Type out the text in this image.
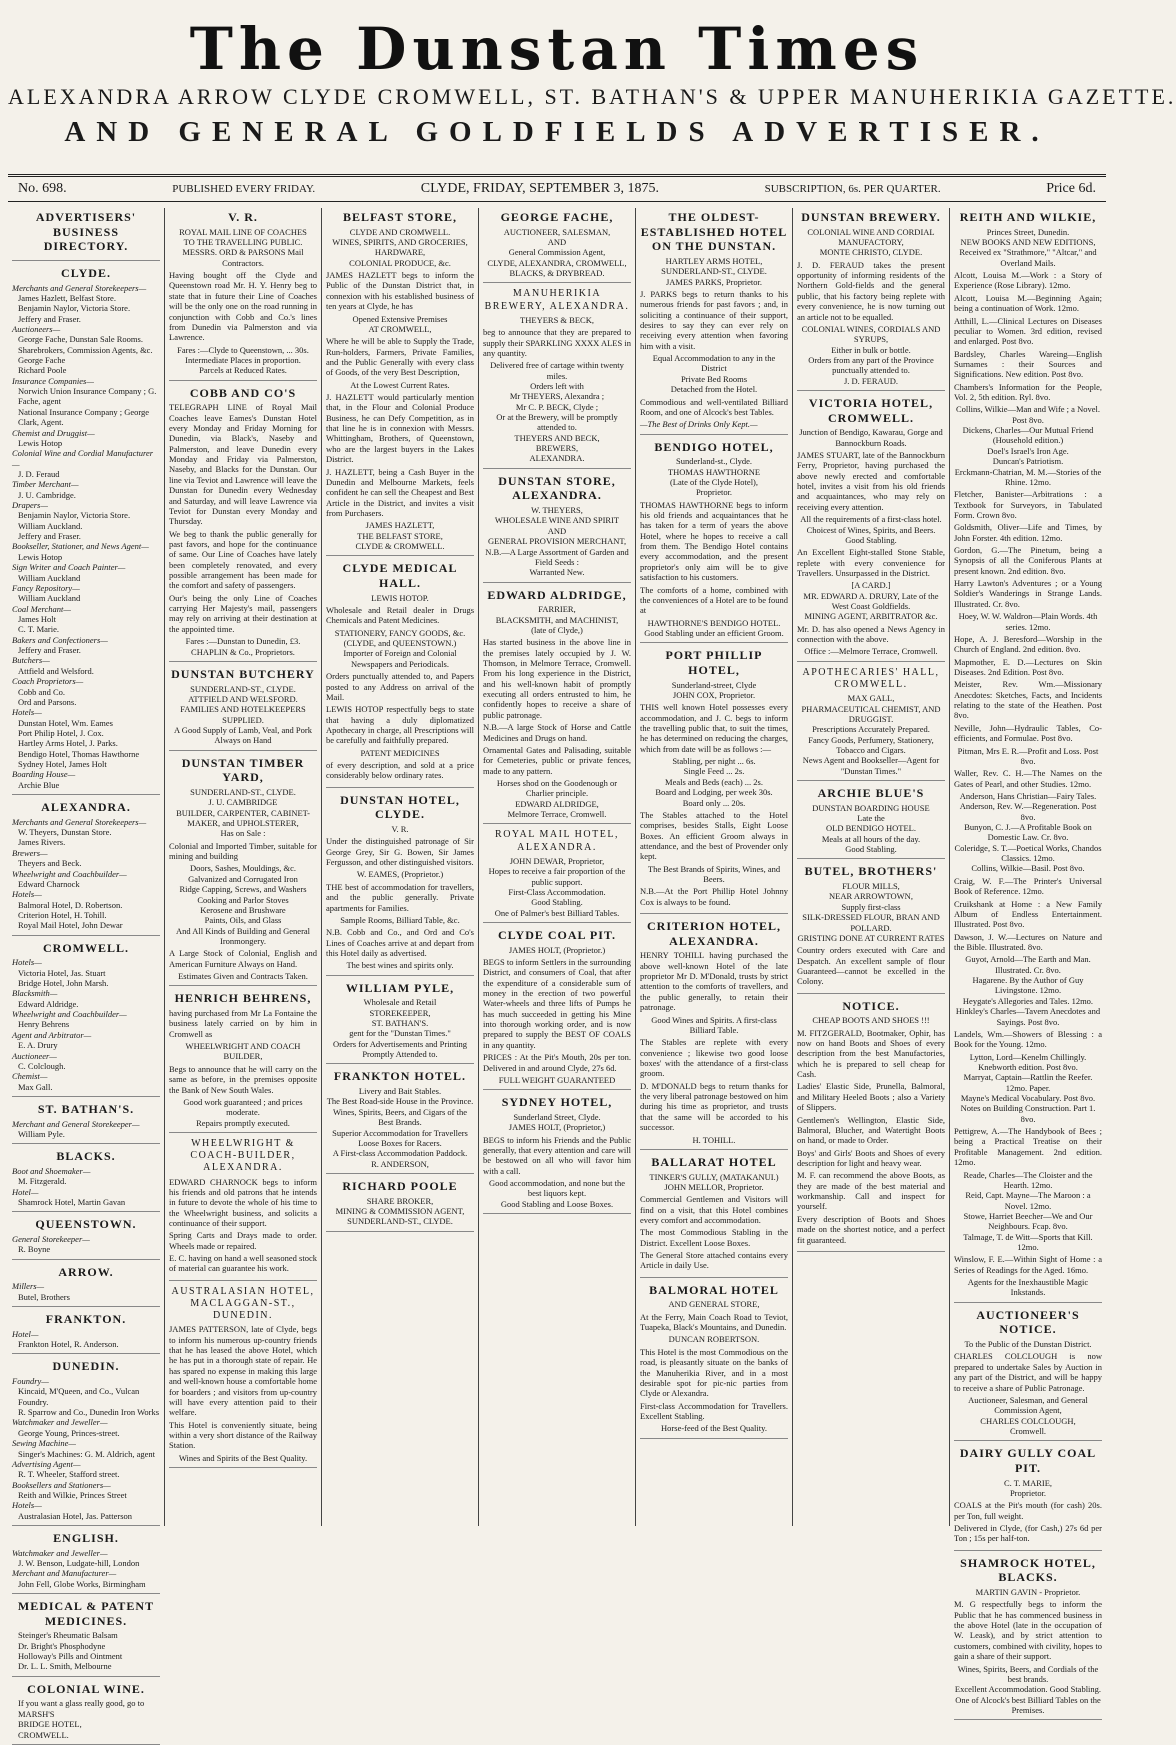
The Dunstan Times
ALEXANDRA ARROW CLYDE CROMWELL, ST. BATHAN'S & UPPER MANUHERIKIA GAZETTE.
AND GENERAL GOLDFIELDS ADVERTISER.
No. 698.	PUBLISHED EVERY FRIDAY.	CLYDE, FRIDAY, SEPTEMBER 3, 1875.	SUBSCRIPTION, 6s. PER QUARTER.	Price 6d.
ADVERTISERS' BUSINESS DIRECTORY.
CLYDE.
Merchants and General Storekeepers—
James Hazlett, Belfast Store.
Benjamin Naylor, Victoria Store.
Jeffery and Fraser.
Auctioneers—
George Fache, Dunstan Sale Rooms.
Sharebrokers, Commission Agents, &c.
George Fache
Richard Poole
Insurance Companies—
Norwich Union Insurance Company ; G. Fache, agent
National Insurance Company ; George Clark, Agent.
Chemist and Druggist—
Lewis Hotop
Colonial Wine and Cordial Manufacturer—
J. D. Feraud
Timber Merchant—
J. U. Cambridge.
Drapers—
Benjamin Naylor, Victoria Store.
William Auckland.
Jeffery and Fraser.
Bookseller, Stationer, and News Agent—
Lewis Hotop
Sign Writer and Coach Painter—
William Auckland
Fancy Repository—
William Auckland
Coal Merchant—
James Holt
C. T. Marie.
Bakers and Confectioners—
Jeffery and Fraser.
Butchers—
Attfield and Welsford.
Coach Proprietors—
Cobb and Co.
Ord and Parsons.
Hotels—
Dunstan Hotel, Wm. Eames
Port Philip Hotel, J. Cox.
Hartley Arms Hotel, J. Parks.
Bendigo Hotel, Thomas Hawthorne
Sydney Hotel, James Holt
Boarding House—
Archie Blue
ALEXANDRA.
Merchants and General Storekeepers—
W. Theyers, Dunstan Store.
James Rivers.
Brewers—
Theyers and Beck.
Wheelwright and Coachbuilder—
Edward Charnock
Hotels—
Balmoral Hotel, D. Robertson.
Criterion Hotel, H. Tohill.
Royal Mail Hotel, John Dewar
CROMWELL.
Hotels—
Victoria Hotel, Jas. Stuart
Bridge Hotel, John Marsh.
Blacksmith—
Edward Aldridge.
Wheelwright and Coachbuilder—
Henry Behrens
Agent and Arbitrator—
E. A. Drury
Auctioneer—
C. Colclough.
Chemist—
Max Gall.
ST. BATHAN'S.
Merchant and General Storekeeper—
William Pyle.
BLACKS.
Boot and Shoemaker—
M. Fitzgerald.
Hotel—
Shamrock Hotel, Martin Gavan
QUEENSTOWN.
General Storekeeper—
R. Boyne
ARROW.
Millers—
Butel, Brothers
FRANKTON.
Hotel—
Frankton Hotel, R. Anderson.
DUNEDIN.
Foundry—
Kincaid, M'Queen, and Co., Vulcan Foundry.
R. Sparrow and Co., Dunedin Iron Works
Watchmaker and Jeweller—
George Young, Princes-street.
Sewing Machine—
Singer's Machines: G. M. Aldrich, agent
Advertising Agent—
R. T. Wheeler, Stafford street.
Booksellers and Stationers—
Reith and Wilkie, Princes Street
Hotels—
Australasian Hotel, Jas. Patterson
ENGLISH.
Watchmaker and Jeweller—
J. W. Benson, Ludgate-hill, London
Merchant and Manufacturer—
John Fell, Globe Works, Birmingham
MEDICAL & PATENT MEDICINES.
Steinger's Rheumatic Balsam
Dr. Bright's Phosphodyne
Holloway's Pills and Ointment
Dr. L. L. Smith, Melbourne
COLONIAL WINE.
If you want a glass really good, go to MARSH'S
BRIDGE HOTEL,
CROMWELL.
V. R.
ROYAL MAIL LINE OF COACHES
TO THE TRAVELLING PUBLIC.
MESSRS. ORD & PARSONS Mail Contractors.
Having bought off the Clyde and Queenstown road Mr. H. Y. Henry beg to state that in future their Line of Coaches will be the only one on the road running in conjunction with Cobb and Co.'s lines from Dunedin via Palmerston and via Lawrence.
Fares :—Clyde to Queenstown, ... 30s.
Intermediate Places in proportion.
Parcels at Reduced Rates.
COBB AND CO'S
TELEGRAPH LINE of Royal Mail Coaches leave Eames's Dunstan Hotel every Monday and Friday Morning for Dunedin, via Black's, Naseby and Palmerston, and leave Dunedin every Monday and Friday via Palmerston, Naseby, and Blacks for the Dunstan. Our line via Teviot and Lawrence will leave the Dunstan for Dunedin every Wednesday and Saturday, and will leave Lawrence via Teviot for Dunstan every Monday and Thursday.
We beg to thank the public generally for past favors, and hope for the continuance of same. Our Line of Coaches have lately been completely renovated, and every possible arrangement has been made for the comfort and safety of passengers.
Our's being the only Line of Coaches carrying Her Majesty's mail, passengers may rely on arriving at their destination at the appointed time.
Fares :—Dunstan to Dunedin, £3.
CHAPLIN & Co., Proprietors.
DUNSTAN BUTCHERY
SUNDERLAND-ST., CLYDE.
ATTFIELD AND WELSFORD.
FAMILIES AND HOTELKEEPERS SUPPLIED.
A Good Supply of Lamb, Veal, and Pork Always on Hand
DUNSTAN TIMBER YARD,
SUNDERLAND-ST., CLYDE.
J. U. CAMBRIDGE
BUILDER, CARPENTER, CABINET-MAKER, and UPHOLSTERER,
Has on Sale :
Colonial and Imported Timber, suitable for mining and building
Doors, Sashes, Mouldings, &c.
Galvanized and Corrugated Iron
Ridge Capping, Screws, and Washers
Cooking and Parlor Stoves
Kerosene and Brushware
Paints, Oils, and Glass
And All Kinds of Building and General Ironmongery.
A Large Stock of Colonial, English and American Furniture Always on Hand.
Estimates Given and Contracts Taken.
HENRICH BEHRENS,
having purchased from Mr La Fontaine the business lately carried on by him in Cromwell as
WHEELWRIGHT AND COACH BUILDER,
Begs to announce that he will carry on the same as before, in the premises opposite the Bank of New South Wales.
Good work guaranteed ; and prices moderate.
Repairs promptly executed.
WHEELWRIGHT & COACH-BUILDER, ALEXANDRA.
EDWARD CHARNOCK begs to inform his friends and old patrons that he intends in future to devote the whole of his time to the Wheelwright business, and solicits a continuance of their support.
Spring Carts and Drays made to order. Wheels made or repaired.
E. C. having on hand a well seasoned stock of material can guarantee his work.
AUSTRALASIAN HOTEL, MACLAGGAN-ST., DUNEDIN.
JAMES PATTERSON, late of Clyde, begs to inform his numerous up-country friends that he has leased the above Hotel, which he has put in a thorough state of repair. He has spared no expense in making this large and well-known house a comfortable home for boarders ; and visitors from up-country will have every attention paid to their welfare.
This Hotel is conveniently situate, being within a very short distance of the Railway Station.
Wines and Spirits of the Best Quality.
BELFAST STORE,
CLYDE AND CROMWELL.
WINES, SPIRITS, AND GROCERIES,
HARDWARE,
COLONIAL PRODUCE, &c.
JAMES HAZLETT begs to inform the Public of the Dunstan District that, in connexion with his established business of ten years at Clyde, he has
Opened Extensive Premises
AT CROMWELL,
Where he will be able to Supply the Trade, Run-holders, Farmers, Private Families, and the Public Generally with every class of Goods, of the very Best Description,
At the Lowest Current Rates.
J. HAZLETT would particularly mention that, in the Flour and Colonial Produce Business, he can Defy Competition, as in that line he is in connexion with Messrs. Whittingham, Brothers, of Queenstown, who are the largest buyers in the Lakes District.
J. HAZLETT, being a Cash Buyer in the Dunedin and Melbourne Markets, feels confident he can sell the Cheapest and Best Article in the District, and invites a visit from Purchasers.
JAMES HAZLETT,
THE BELFAST STORE,
CLYDE & CROMWELL.
CLYDE MEDICAL HALL.
LEWIS HOTOP.
Wholesale and Retail dealer in Drugs Chemicals and Patent Medicines.
STATIONERY, FANCY GOODS, &c.
(CLYDE, and QUEENSTOWN.)
Importer of Foreign and Colonial Newspapers and Periodicals.
Orders punctually attended to, and Papers posted to any Address on arrival of the Mail.
LEWIS HOTOP respectfully begs to state that having a duly diplomatized Apothecary in charge, all Prescriptions will be carefully and faithfully prepared.
PATENT MEDICINES
of every description, and sold at a price considerably below ordinary rates.
DUNSTAN HOTEL, CLYDE.
V. R.
Under the distinguished patronage of Sir George Grey, Sir G. Bowen, Sir James Fergusson, and other distinguished visitors.
W. EAMES, (Proprietor.)
THE best of accommodation for travellers, and the public generally. Private apartments for Families.
Sample Rooms, Billiard Table, &c.
N.B. Cobb and Co., and Ord and Co's Lines of Coaches arrive at and depart from this Hotel daily as advertised.
The best wines and spirits only.
WILLIAM PYLE,
Wholesale and Retail
STOREKEEPER,
ST. BATHAN'S.
gent for the "Dunstan Times."
Orders for Advertisements and Printing Promptly Attended to.
FRANKTON HOTEL.
Livery and Bait Stables.
The Best Road-side House in the Province.
Wines, Spirits, Beers, and Cigars of the Best Brands.
Superior Accommodation for Travellers
Loose Boxes for Racers.
A First-class Accommodation Paddock.
R. ANDERSON,
RICHARD POOLE
SHARE BROKER,
MINING & COMMISSION AGENT,
SUNDERLAND-ST., CLYDE.
GEORGE FACHE,
AUCTIONEER, SALESMAN,
AND
General Commission Agent,
CLYDE, ALEXANDRA, CROMWELL,
BLACKS, & DRYBREAD.
MANUHERIKIA BREWERY, ALEXANDRA.
THEYERS & BECK,
beg to announce that they are prepared to supply their SPARKLING XXXX ALES in any quantity.
Delivered free of cartage within twenty miles.
Orders left with
Mr THEYERS, Alexandra ;
Mr C. P. BECK, Clyde ;
Or at the Brewery, will be promptly attended to.
THEYERS AND BECK,
BREWERS,
ALEXANDRA.
DUNSTAN STORE, ALEXANDRA.
W. THEYERS,
WHOLESALE WINE AND SPIRIT
AND
GENERAL PROVISION MERCHANT,
N.B.—A Large Assortment of Garden and Field Seeds :
Warranted New.
EDWARD ALDRIDGE,
FARRIER,
BLACKSMITH, and MACHINIST,
(late of Clyde,)
Has started business in the above line in the premises lately occupied by J. W. Thomson, in Melmore Terrace, Cromwell. From his long experience in the District, and his well-known habit of promptly executing all orders entrusted to him, he confidently hopes to receive a share of public patronage.
N.B.—A large Stock of Horse and Cattle Medicines and Drugs on hand.
Ornamental Gates and Palisading, suitable for Cemeteries, public or private fences, made to any pattern.
Horses shod on the Goodenough or Charlier principle.
EDWARD ALDRIDGE,
Melmore Terrace, Cromwell.
ROYAL MAIL HOTEL, ALEXANDRA.
JOHN DEWAR, Proprietor,
Hopes to receive a fair proportion of the public support.
First-Class Accommodation.
Good Stabling.
One of Palmer's best Billiard Tables.
CLYDE COAL PIT.
JAMES HOLT, (Proprietor.)
BEGS to inform Settlers in the surrounding District, and consumers of Coal, that after the expenditure of a considerable sum of money in the erection of two powerful Water-wheels and three lifts of Pumps he has much succeeded in getting his Mine into thorough working order, and is now prepared to supply the BEST OF COALS in any quantity.
PRICES : At the Pit's Mouth, 20s per ton. Delivered in and around Clyde, 27s 6d.
FULL WEIGHT GUARANTEED
SYDNEY HOTEL,
Sunderland Street, Clyde.
JAMES HOLT, (Proprietor,)
BEGS to inform his Friends and the Public generally, that every attention and care will be bestowed on all who will favor him with a call.
Good accommodation, and none but the best liquors kept.
Good Stabling and Loose Boxes.
THE OLDEST-ESTABLISHED HOTEL ON THE DUNSTAN.
HARTLEY ARMS HOTEL, SUNDERLAND-ST., CLYDE.
JAMES PARKS, Proprietor.
J. PARKS begs to return thanks to his numerous friends for past favors ; and, in soliciting a continuance of their support, desires to say they can ever rely on receiving every attention when favoring him with a visit.
Equal Accommodation to any in the District
Private Bed Rooms
Detached from the Hotel.
Commodious and well-ventilated Billiard Room, and one of Alcock's best Tables.
—The Best of Drinks Only Kept.—
BENDIGO HOTEL,
Sunderland-st., Clyde.
THOMAS HAWTHORNE
(Late of the Clyde Hotel),
Proprietor.
THOMAS HAWTHORNE begs to inform his old friends and acquaintances that he has taken for a term of years the above Hotel, where he hopes to receive a call from them. The Bendigo Hotel contains every accommodation, and the present proprietor's only aim will be to give satisfaction to his customers.
The comforts of a home, combined with the conveniences of a Hotel are to be found at
HAWTHORNE'S BENDIGO HOTEL.
Good Stabling under an efficient Groom.
PORT PHILLIP HOTEL,
Sunderland-street, Clyde
JOHN COX, Proprietor.
THIS well known Hotel possesses every accommodation, and J. C. begs to inform the travelling public that, to suit the times, he has determined on reducing the charges, which from date will be as follows :—
Stabling, per night ... 6s.
Single Feed ... 2s.
Meals and Beds (each) ... 2s.
Board and Lodging, per week 30s.
Board only ... 20s.
The Stables attached to the Hotel comprises, besides Stalls, Eight Loose Boxes. An efficient Groom always in attendance, and the best of Provender only kept.
The Best Brands of Spirits, Wines, and Beers.
N.B.—At the Port Phillip Hotel Johnny Cox is always to be found.
CRITERION HOTEL, ALEXANDRA.
HENRY TOHILL having purchased the above well-known Hotel of the late proprietor Mr D. M'Donald, trusts by strict attention to the comforts of travellers, and the public generally, to retain their patronage.
Good Wines and Spirits. A first-class Billiard Table.
The Stables are replete with every convenience ; likewise two good loose boxes' with the attendance of a first-class groom.
D. M'DONALD begs to return thanks for the very liberal patronage bestowed on him during his time as proprietor, and trusts that the same will be accorded to his successor.
H. TOHILL.
BALLARAT HOTEL
TINKER'S GULLY, (MATAKANUI.)
JOHN MELLOR, Proprietor.
Commercial Gentlemen and Visitors will find on a visit, that this Hotel combines every comfort and accommodation.
The most Commodious Stabling in the District. Excellent Loose Boxes.
The General Store attached contains every Article in daily Use.
BALMORAL HOTEL
AND GENERAL STORE,
At the Ferry, Main Coach Road to Teviot, Tuapeka, Black's Mountains, and Dunedin.
DUNCAN ROBERTSON.
This Hotel is the most Commodious on the road, is pleasantly situate on the banks of the Manuherikia River, and in a most desirable spot for pic-nic parties from Clyde or Alexandra.
First-class Accommodation for Travellers. Excellent Stabling.
Horse-feed of the Best Quality.
DUNSTAN BREWERY.
COLONIAL WINE AND CORDIAL MANUFACTORY,
MONTE CHRISTO, CLYDE.
J. D. FERAUD takes the present opportunity of informing residents of the Northern Gold-fields and the general public, that his factory being replete with every convenience, he is now turning out an article not to be equalled.
COLONIAL WINES, CORDIALS AND SYRUPS,
Either in bulk or bottle.
Orders from any part of the Province punctually attended to.
J. D. FERAUD.
VICTORIA HOTEL, CROMWELL.
Junction of Bendigo, Kawarau, Gorge and Bannockburn Roads.
JAMES STUART, late of the Bannockburn Ferry, Proprietor, having purchased the above newly erected and comfortable hotel, invites a visit from his old friends and acquaintances, who may rely on receiving every attention.
All the requirements of a first-class hotel.
Choicest of Wines, Spirits, and Beers. Good Stabling.
An Excellent Eight-stalled Stone Stable, replete with every convenience for Travellers. Unsurpassed in the District.
[A CARD.]
MR. EDWARD A. DRURY, Late of the West Coast Goldfields.
MINING AGENT, ARBITRATOR &c.
Mr. D. has also opened a News Agency in connection with the above.
Office :—Melmore Terrace, Cromwell.
APOTHECARIES' HALL, CROMWELL.
MAX GALL,
PHARMACEUTICAL CHEMIST, AND DRUGGIST.
Prescriptions Accurately Prepared.
Fancy Goods, Perfumery, Stationery, Tobacco and Cigars.
News Agent and Bookseller—Agent for "Dunstan Times."
ARCHIE BLUE'S
DUNSTAN BOARDING HOUSE
Late the
OLD BENDIGO HOTEL.
Meals at all hours of the day.
Good Stabling.
BUTEL, BROTHERS'
FLOUR MILLS,
NEAR ARROWTOWN,
Supply first-class
SILK-DRESSED FLOUR, BRAN AND POLLARD.
GRISTING DONE AT CURRENT RATES
Country orders executed with Care and Despatch. An excellent sample of flour Guaranteed—cannot be excelled in the Colony.
NOTICE.
CHEAP BOOTS AND SHOES !!!
M. FITZGERALD, Bootmaker, Ophir, has now on hand Boots and Shoes of every description from the best Manufactories, which he is prepared to sell cheap for Cash.
Ladies' Elastic Side, Prunella, Balmoral, and Military Heeled Boots ; also a Variety of Slippers.
Gentlemen's Wellington, Elastic Side, Balmoral, Blucher, and Watertight Boots on hand, or made to Order.
Boys' and Girls' Boots and Shoes of every description for light and heavy wear.
M. F. can recommend the above Boots, as they are made of the best material and workmanship. Call and inspect for yourself.
Every description of Boots and Shoes made on the shortest notice, and a perfect fit guaranteed.
REITH AND WILKIE,
Princes Street, Dunedin.
NEW BOOKS AND NEW EDITIONS,
Received ex "Strathmore," "Altcar," and Overland Mails.
Alcott, Louisa M.—Work : a Story of Experience (Rose Library). 12mo.
Alcott, Louisa M.—Beginning Again; being a continuation of Work. 12mo.
Atthill, L.—Clinical Lectures on Diseases peculiar to Women. 3rd edition, revised and enlarged. Post 8vo.
Bardsley, Charles Wareing—English Surnames : their Sources and Significations. New edition. Post 8vo.
Chambers's Information for the People, Vol. 2, 5th edition. Ryl. 8vo.
Collins, Wilkie—Man and Wife ; a Novel. Post 8vo.
Dickens, Charles—Our Mutual Friend (Household edition.)
Doel's Israel's Iron Age.
Duncan's Patriotism.
Erckmann-Chatrian, M. M.—Stories of the Rhine. 12mo.
Fletcher, Banister—Arbitrations : a Textbook for Surveyors, in Tabulated Form. Crown 8vo.
Goldsmith, Oliver—Life and Times, by John Forster. 4th edition. 12mo.
Gordon, G.—The Pinetum, being a Synopsis of all the Coniferous Plants at present known. 2nd edition. 8vo.
Harry Lawton's Adventures ; or a Young Soldier's Wanderings in Strange Lands. Illustrated. Cr. 8vo.
Hoey, W. W. Waldron—Plain Words. 4th series. 12mo.
Hope, A. J. Beresford—Worship in the Church of England. 2nd edition. 8vo.
Mapmother, E. D.—Lectures on Skin Diseases. 2nd Edition. Post 8vo.
Meister, Rev. Wm.—Missionary Anecdotes: Sketches, Facts, and Incidents relating to the state of the Heathen. Post 8vo.
Neville, John—Hydraulic Tables, Co-efficients, and Formulae. Post 8vo.
Pitman, Mrs E. R.—Profit and Loss. Post 8vo.
Waller, Rev. C. H.—The Names on the Gates of Pearl, and other Studies. 12mo.
Anderson, Hans Christian—Fairy Tales.
Anderson, Rev. W.—Regeneration. Post 8vo.
Bunyon, C. J.—A Profitable Book on Domestic Law. Cr. 8vo.
Coleridge, S. T.—Poetical Works, Chandos Classics. 12mo.
Collins, Wilkie—Basil. Post 8vo.
Craig, W. F.—The Printer's Universal Book of Reference. 12mo.
Cruikshank at Home : a New Family Album of Endless Entertainment. Illustrated. Post 8vo.
Dawson, J. W.—Lectures on Nature and the Bible. Illustrated. 8vo.
Guyot, Arnold—The Earth and Man. Illustrated. Cr. 8vo.
Hagarene. By the Author of Guy Livingstone. 12mo.
Heygate's Allegories and Tales. 12mo.
Hinkley's Charles—Tavern Anecdotes and Sayings. Post 8vo.
Landels, Wm.—Showers of Blessing : a Book for the Young. 12mo.
Lytton, Lord—Kenelm Chillingly. Knebworth edition. Post 8vo.
Marryat, Captain—Rattlin the Reefer. 12mo. Paper.
Mayne's Medical Vocabulary. Post 8vo.
Notes on Building Construction. Part 1. 8vo.
Pettigrew, A.—The Handybook of Bees ; being a Practical Treatise on their Profitable Management. 2nd edition. 12mo.
Reade, Charles—The Cloister and the Hearth. 12mo.
Reid, Capt. Mayne—The Maroon : a Novel. 12mo.
Stowe, Harriet Beecher—We and Our Neighbours. Fcap. 8vo.
Talmage, T. de Witt—Sports that Kill. 12mo.
Winslow, F. E.—Within Sight of Home : a Series of Readings for the Aged. 16mo.
Agents for the Inexhaustible Magic Inkstands.
AUCTIONEER'S NOTICE.
To the Public of the Dunstan District.
CHARLES COLCLOUGH is now prepared to undertake Sales by Auction in any part of the District, and will be happy to receive a share of Public Patronage.
Auctioneer, Salesman, and General Commission Agent,
CHARLES COLCLOUGH,
Cromwell.
DAIRY GULLY COAL PIT.
C. T. MARIE,
Proprietor.
COALS at the Pit's mouth (for cash) 20s. per Ton, full weight.
Delivered in Clyde, (for Cash,) 27s 6d per Ton ; 15s per half-ton.
SHAMROCK HOTEL, BLACKS.
MARTIN GAVIN - Proprietor.
M. G respectfully begs to inform the Public that he has commenced business in the above Hotel (late in the occupation of W. Leask), and by strict attention to customers, combined with civility, hopes to gain a share of their support.
Wines, Spirits, Beers, and Cordials of the best brands.
Excellent Accommodation. Good Stabling.
One of Alcock's best Billiard Tables on the Premises.
